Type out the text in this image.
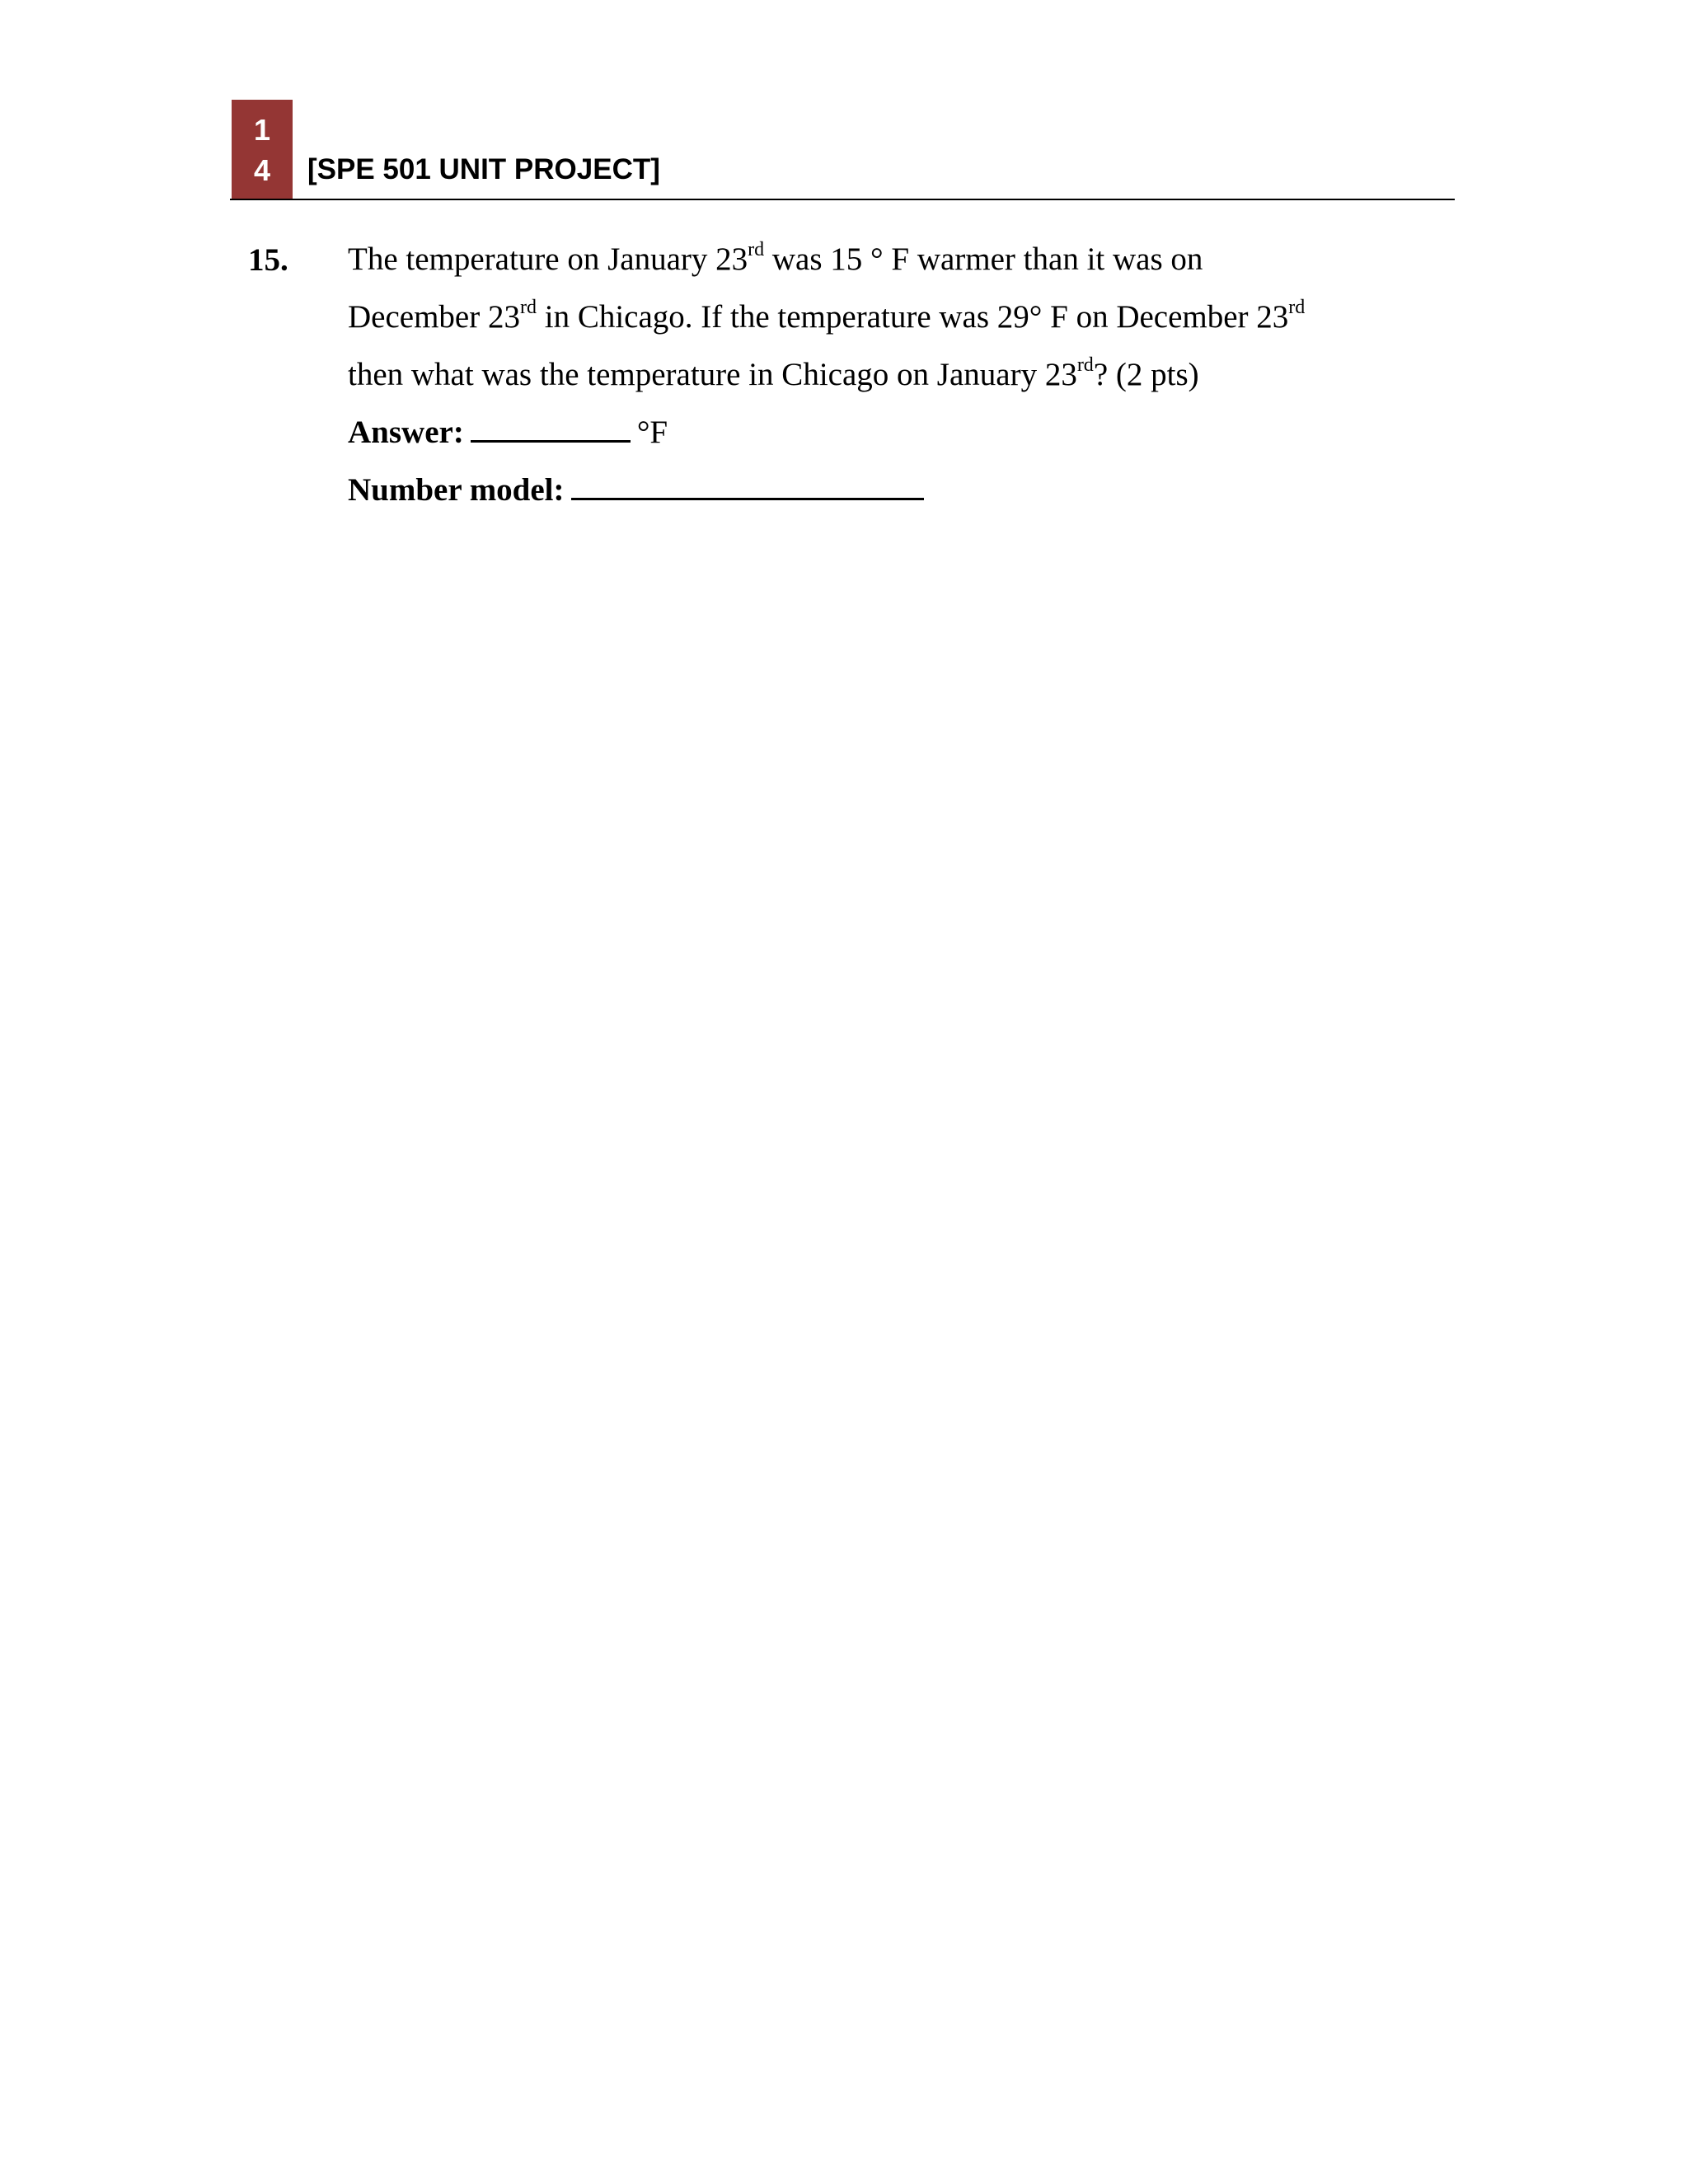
1
4 [SPE 501 UNIT PROJECT]
15. The temperature on January 23rd was 15 ° F warmer than it was on
December 23rd in Chicago. If the temperature was 29° F on December 23rd
then what was the temperature in Chicago on January 23rd? (2 pts)
Answer:	°F
Number model:
